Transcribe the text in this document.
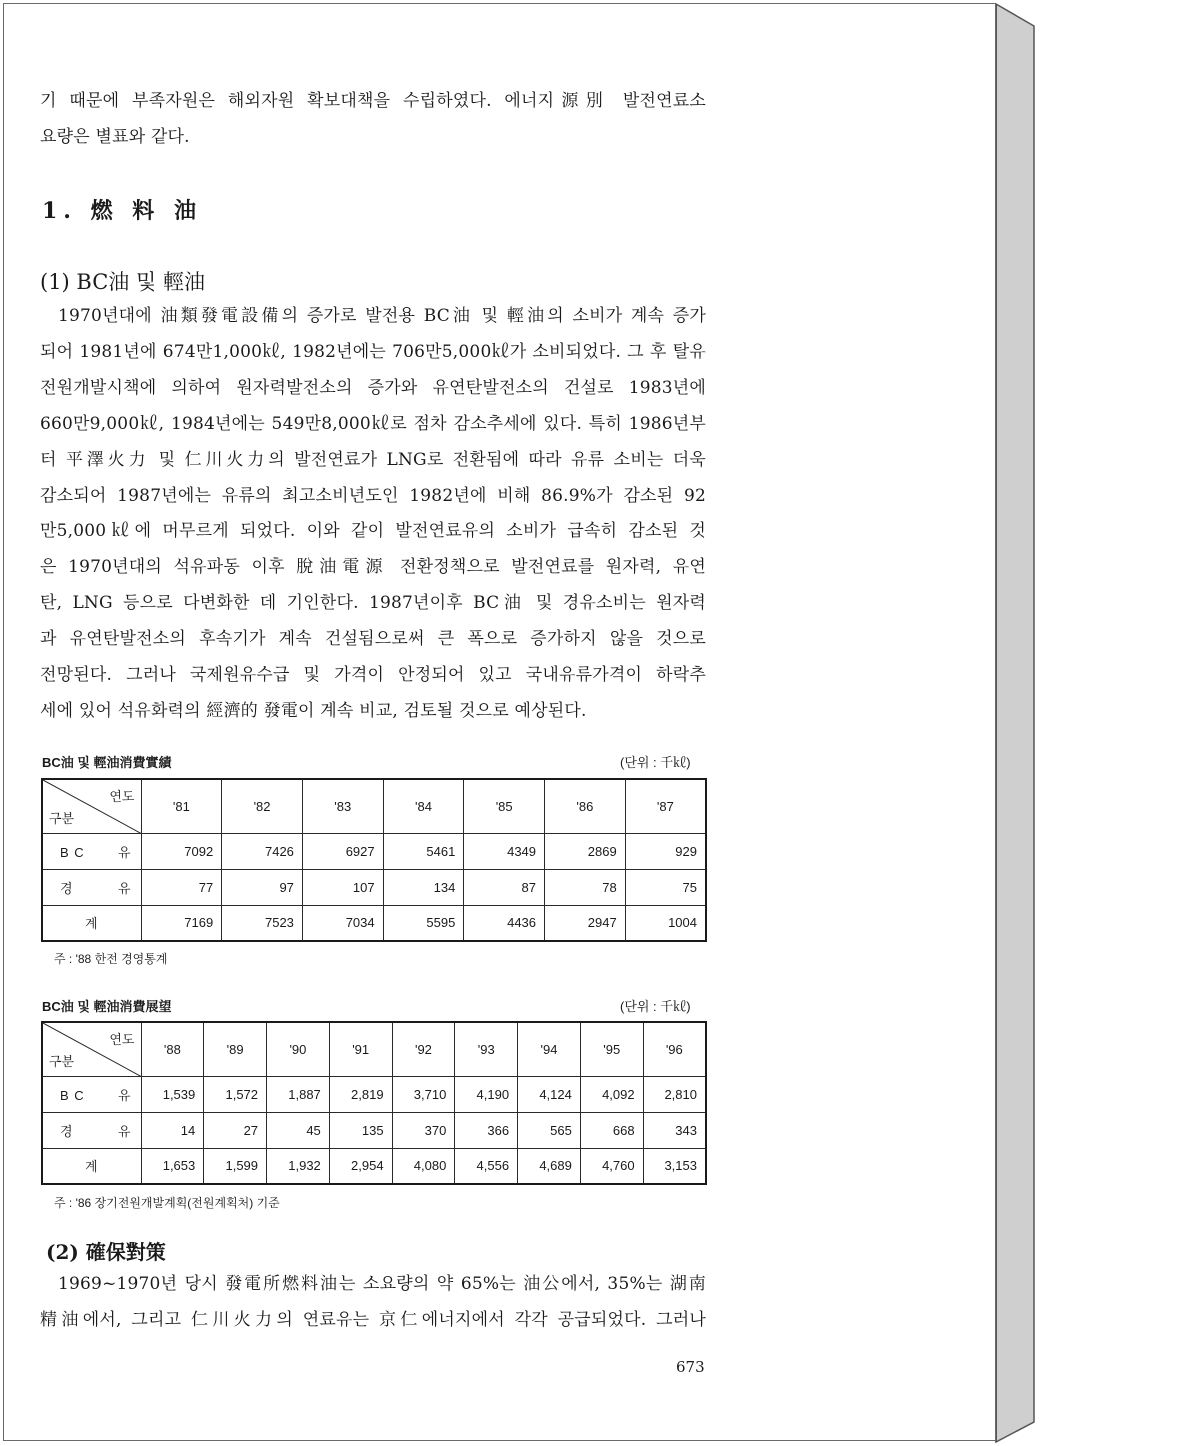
기 때문에 부족자원은 해외자원 확보대책을 수립하였다. 에너지源別 발전연료소
요량은 별표와 같다.

1. 燃 料 油
(1) BC油 및 輕油

1970년대에 油類發電設備의 증가로 발전용 BC油 및 輕油의 소비가 계속 증가
되어 1981년에 674만1,000㎘, 1982년에는 706만5,000㎘가 소비되었다. 그 후 탈유
전원개발시책에 의하여 원자력발전소의 증가와 유연탄발전소의 건설로 1983년에
660만9,000㎘, 1984년에는 549만8,000㎘로 점차 감소추세에 있다. 특히 1986년부
터 平澤火力 및 仁川火力의 발전연료가 LNG로 전환됨에 따라 유류 소비는 더욱
감소되어 1987년에는 유류의 최고소비년도인 1982년에 비해 86.9%가 감소된 92
만5,000㎘에 머무르게 되었다. 이와 같이 발전연료유의 소비가 급속히 감소된 것
은 1970년대의 석유파동 이후 脫油電源 전환정책으로 발전연료를 원자력, 유연
탄, LNG 등으로 다변화한 데 기인한다. 1987년이후 BC油 및 경유소비는 원자력
과 유연탄발전소의 후속기가 계속 건설됨으로써 큰 폭으로 증가하지 않을 것으로
전망된다. 그러나 국제원유수급 및 가격이 안정되어 있고 국내유류가격이 하락추
세에 있어 석유화력의 經濟的 發電이 계속 비교, 검토될 것으로 예상된다.

BC油 및 輕油消費實績	(단위 : 千㎘)

연도
구분	'81	'82	'83	'84	'85	'86	'87
B C 유	7092	7426	6927	5461	4349	2869	929
경 유	77	97	107	134	87	78	75
계	7169	7523	7034	5595	4436	2947	1004

주 : '88 한전 경영통계

BC油 및 輕油消費展望	(단위 : 千㎘)

연도
구분	'88	'89	'90	'91	'92	'93	'94	'95	'96
B C 유	1,539	1,572	1,887	2,819	3,710	4,190	4,124	4,092	2,810
경 유	14	27	45	135	370	366	565	668	343
계	1,653	1,599	1,932	2,954	4,080	4,556	4,689	4,760	3,153

주 : '86 장기전원개발계획(전원계획처) 기준

(2) 確保對策

1969~1970년 당시 發電所燃料油는 소요량의 약 65%는 油公에서, 35%는 湖南
精油에서, 그리고 仁川火力의 연료유는 京仁에너지에서 각각 공급되었다. 그러나

673
